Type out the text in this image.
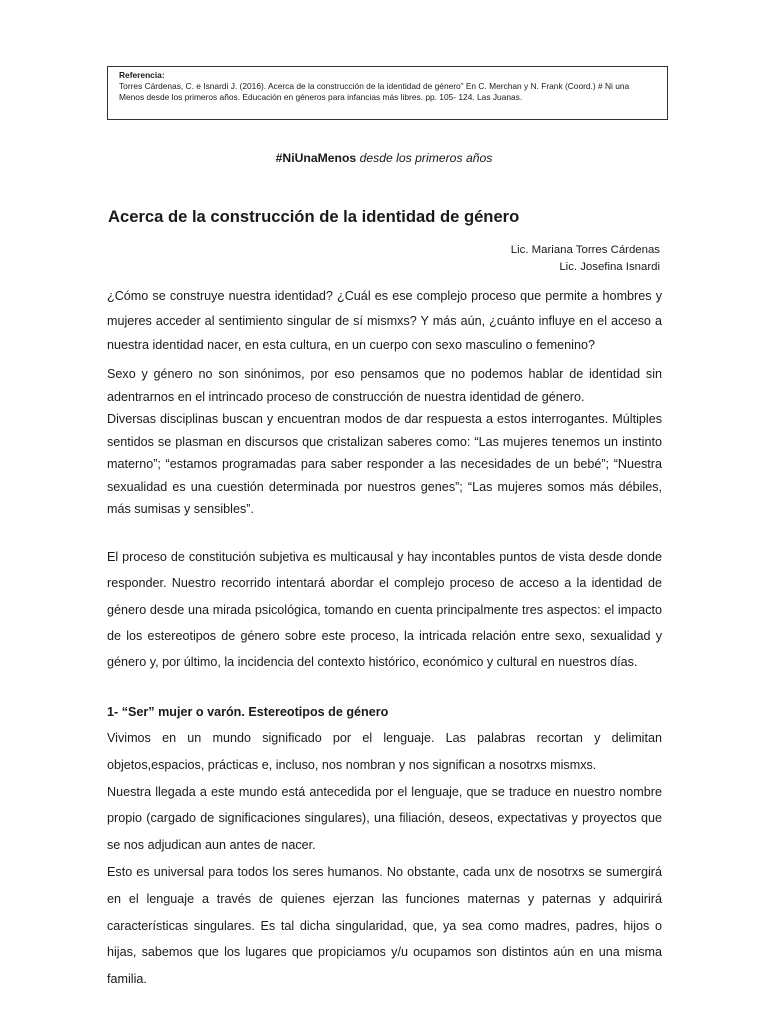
Referencia:
Torres Cárdenas, C. e Isnardi J. (2016). Acerca de la construcción de la identidad de género” En C. Merchan y N. Frank (Coord.) # Ni una Menos desde los primeros años. Educación en géneros para infancias más libres. pp. 105- 124. Las Juanas.
#NiUnaMenos desde los primeros años
Acerca de la construcción de la identidad de género
Lic. Mariana Torres Cárdenas
Lic. Josefina Isnardi

¿Cómo se construye nuestra identidad? ¿Cuál es ese complejo proceso que permite a hombres y mujeres acceder al sentimiento singular de sí mismxs? Y más aún, ¿cuánto influye en el acceso a nuestra identidad nacer, en esta cultura, en un cuerpo con sexo masculino o femenino?

Sexo y género no son sinónimos, por eso pensamos que no podemos hablar de identidad sin adentrarnos en el intrincado proceso de construcción de nuestra identidad de género.

Diversas disciplinas buscan y encuentran modos de dar respuesta a estos interrogantes. Múltiples sentidos se plasman en discursos que cristalizan saberes como: “Las mujeres tenemos un instinto materno”; “estamos programadas para saber responder a las necesidades de un bebé”; “Nuestra sexualidad es una cuestión determinada por nuestros genes”; “Las mujeres somos más débiles, más sumisas y sensibles”.

El proceso de constitución subjetiva es multicausal y hay incontables puntos de vista desde donde responder. Nuestro recorrido intentará abordar el complejo proceso de acceso a la identidad de género desde una mirada psicológica, tomando en cuenta principalmente tres aspectos: el impacto de los estereotipos de género sobre este proceso, la intricada relación entre sexo, sexualidad y género y, por último, la incidencia del contexto histórico, económico y cultural en nuestros días.

1- “Ser” mujer o varón. Estereotipos de género

Vivimos en un mundo significado por el lenguaje. Las palabras recortan y delimitan objetos,espacios, prácticas e, incluso, nos nombran y nos significan a nosotrxs mismxs.

Nuestra llegada a este mundo está antecedida por el lenguaje, que se traduce en nuestro nombre propio (cargado de significaciones singulares), una filiación, deseos, expectativas y proyectos que se nos adjudican aun antes de nacer.

Esto es universal para todos los seres humanos. No obstante, cada unx de nosotrxs se sumergirá en el lenguaje a través de quienes ejerzan las funciones maternas y paternas y adquirirá características singulares. Es tal dicha singularidad, que, ya sea como madres, padres, hijos o hijas, sabemos que los lugares que propiciamos y/u ocupamos son distintos aún en una misma familia.
